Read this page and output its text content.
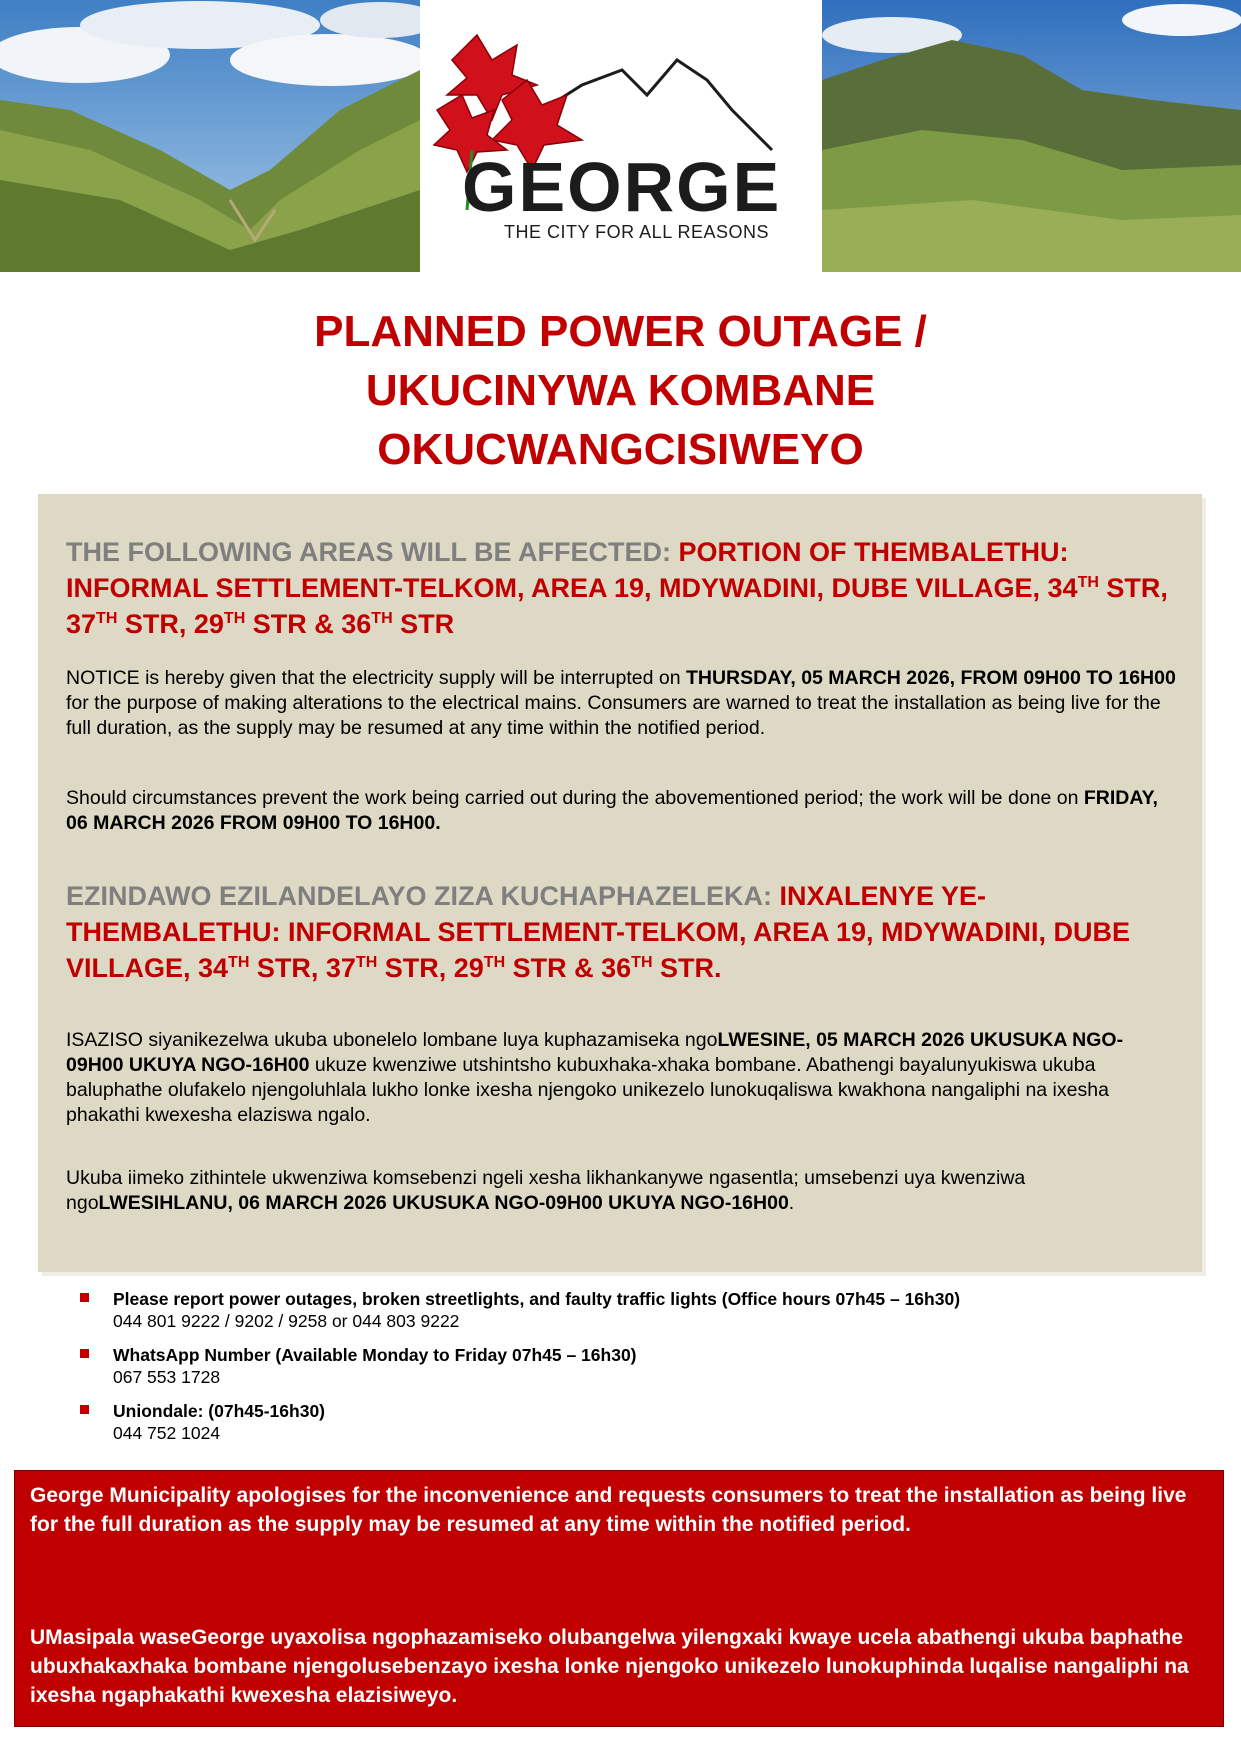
GEORGE
THE CITY FOR ALL REASONS
PLANNED POWER OUTAGE /
UKUCINYWA KOMBANE
OKUCWANGCISIWEYO
THE FOLLOWING AREAS WILL BE AFFECTED: PORTION OF THEMBALETHU: INFORMAL SETTLEMENT-TELKOM, AREA 19, MDYWADINI, DUBE VILLAGE, 34TH STR, 37TH STR, 29TH STR & 36TH STR
NOTICE is hereby given that the electricity supply will be interrupted on THURSDAY, 05 MARCH 2026, FROM 09H00 TO 16H00 for the purpose of making alterations to the electrical mains. Consumers are warned to treat the installation as being live for the full duration, as the supply may be resumed at any time within the notified period.
Should circumstances prevent the work being carried out during the abovementioned period; the work will be done on FRIDAY, 06 MARCH 2026 FROM 09H00 TO 16H00.
EZINDAWO EZILANDELAYO ZIZA KUCHAPHAZELEKA: INXALENYE YE-THEMBALETHU: INFORMAL SETTLEMENT-TELKOM, AREA 19, MDYWADINI, DUBE VILLAGE, 34TH STR, 37TH STR, 29TH STR & 36TH STR.
ISAZISO siyanikezelwa ukuba ubonelelo lombane luya kuphazamiseka ngoLWESINE, 05 MARCH 2026 UKUSUKA NGO-09H00 UKUYA NGO-16H00 ukuze kwenziwe utshintsho kubuxhaka-xhaka bombane. Abathengi bayalunyukiswa ukuba baluphathe olufakelo njengoluhlala lukho lonke ixesha njengoko unikezelo lunokuqaliswa kwakhona nangaliphi na ixesha phakathi kwexesha elaziswa ngalo.
Ukuba iimeko zithintele ukwenziwa komsebenzi ngeli xesha likhankanywe ngasentla; umsebenzi uya kwenziwa ngoLWESIHLANU, 06 MARCH 2026 UKUSUKA NGO-09H00 UKUYA NGO-16H00.
Please report power outages, broken streetlights, and faulty traffic lights (Office hours 07h45 – 16h30)
044 801 9222 / 9202 / 9258 or 044 803 9222
WhatsApp Number (Available Monday to Friday 07h45 – 16h30)
067 553 1728
Uniondale: (07h45-16h30)
044 752 1024
George Municipality apologises for the inconvenience and requests consumers to treat the installation as being live for the full duration as the supply may be resumed at any time within the notified period.
UMasipala waseGeorge uyaxolisa ngophazamiseko olubangelwa yilengxaki kwaye ucela abathengi ukuba baphathe ubuxhakaxhaka bombane njengolusebenzayo ixesha lonke njengoko unikezelo lunokuphinda luqalise nangaliphi na ixesha ngaphakathi kwexesha elazisiweyo.
